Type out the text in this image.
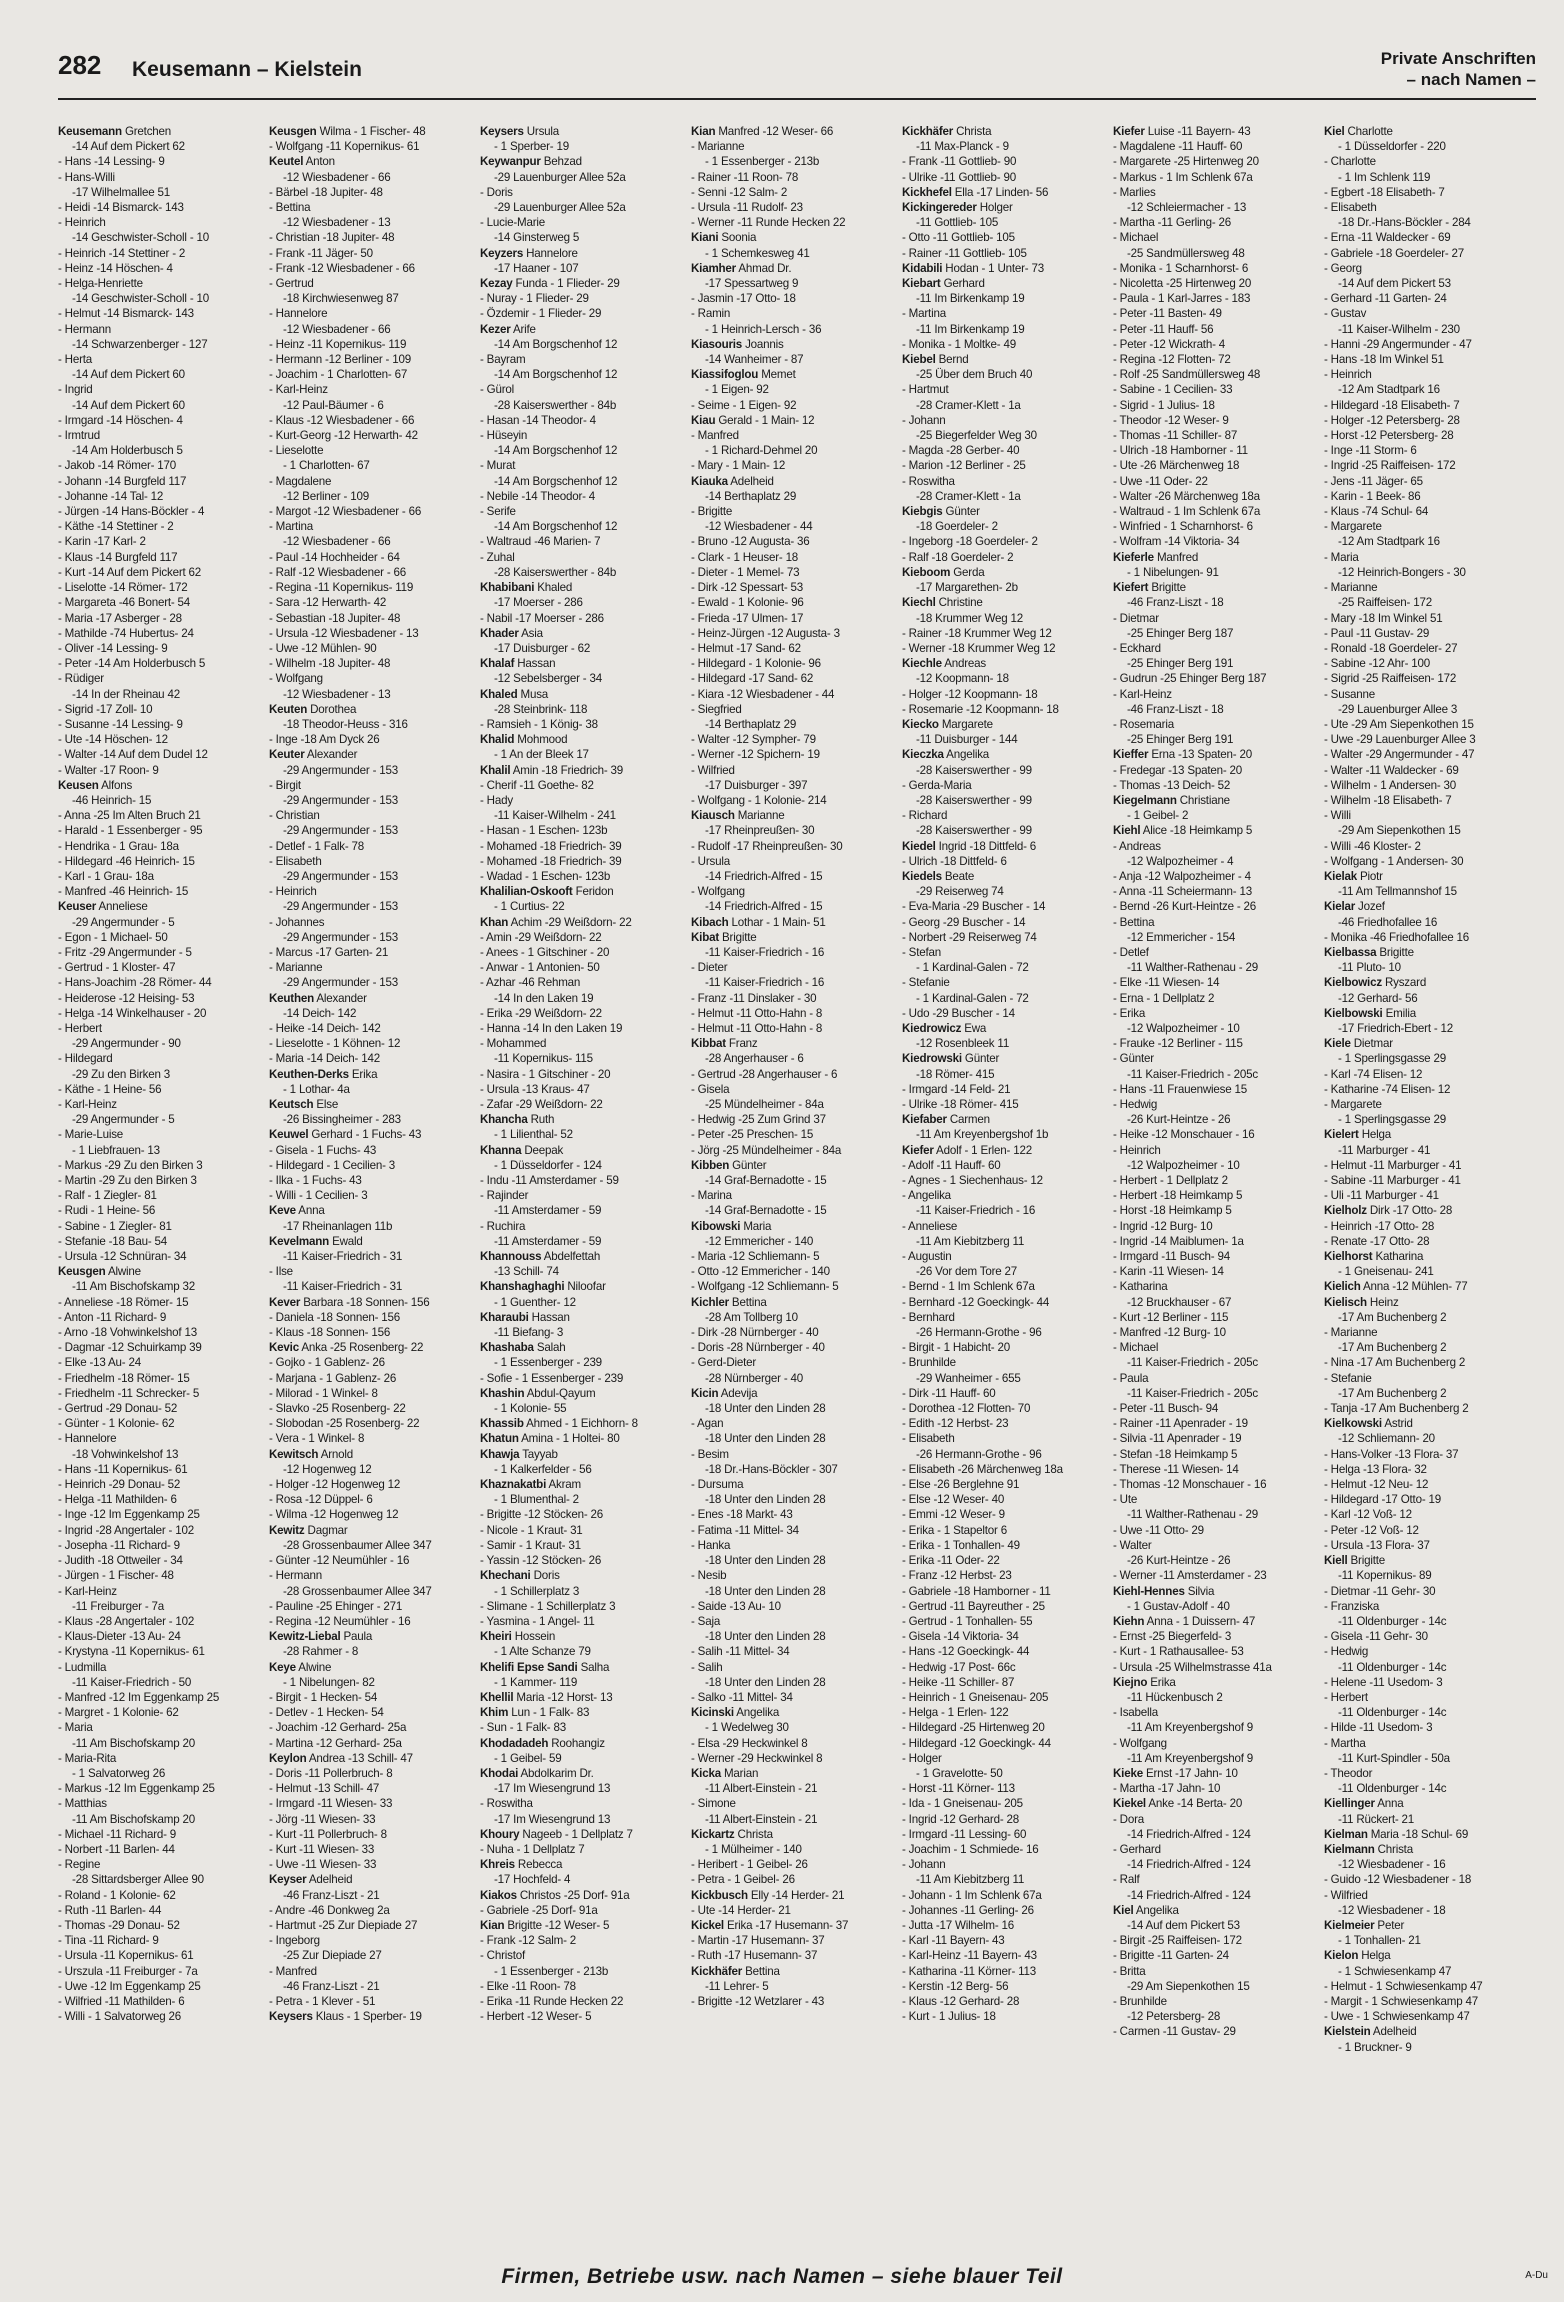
282 Keusemann – Kielstein	Private Anschriften
– nach Namen –
Keusemann Gretchen
-14 Auf dem Pickert 62
- Hans -14 Lessing- 9
- Hans-Willi
-17 Wilhelmallee 51
- Heidi -14 Bismarck- 143
- Heinrich
-14 Geschwister-Scholl - 10
- Heinrich -14 Stettiner - 2
- Heinz -14 Höschen- 4
- Helga-Henriette
-14 Geschwister-Scholl - 10
- Helmut -14 Bismarck- 143
- Hermann
-14 Schwarzenberger - 127
- Herta
-14 Auf dem Pickert 60
- Ingrid
-14 Auf dem Pickert 60
- Irmgard -14 Höschen- 4
- Irmtrud
-14 Am Holderbusch 5
- Jakob -14 Römer- 170
- Johann -14 Burgfeld 117
- Johanne -14 Tal- 12
- Jürgen -14 Hans-Böckler - 4
- Käthe -14 Stettiner - 2
- Karin -17 Karl- 2
- Klaus -14 Burgfeld 117
- Kurt -14 Auf dem Pickert 62
- Liselotte -14 Römer- 172
- Margareta -46 Bonert- 54
- Maria -17 Asberger - 28
- Mathilde -74 Hubertus- 24
- Oliver -14 Lessing- 9
- Peter -14 Am Holderbusch 5
- Rüdiger
-14 In der Rheinau 42
- Sigrid -17 Zoll- 10
- Susanne -14 Lessing- 9
- Ute -14 Höschen- 12
- Walter -14 Auf dem Dudel 12
- Walter -17 Roon- 9
Keusen Alfons
-46 Heinrich- 15
- Anna -25 Im Alten Bruch 21
- Harald - 1 Essenberger - 95
- Hendrika - 1 Grau- 18a
- Hildegard -46 Heinrich- 15
- Karl - 1 Grau- 18a
- Manfred -46 Heinrich- 15
Keuser Anneliese
-29 Angermunder - 5
- Egon - 1 Michael- 50
- Fritz -29 Angermunder - 5
- Gertrud - 1 Kloster- 47
- Hans-Joachim -28 Römer- 44
- Heiderose -12 Heising- 53
- Helga -14 Winkelhauser - 20
- Herbert
-29 Angermunder - 90
- Hildegard
-29 Zu den Birken 3
- Käthe - 1 Heine- 56
- Karl-Heinz
-29 Angermunder - 5
- Marie-Luise
- 1 Liebfrauen- 13
- Markus -29 Zu den Birken 3
- Martin -29 Zu den Birken 3
- Ralf - 1 Ziegler- 81
- Rudi - 1 Heine- 56
- Sabine - 1 Ziegler- 81
- Stefanie -18 Bau- 54
- Ursula -12 Schnüran- 34
Keusgen Alwine
-11 Am Bischofskamp 32
- Anneliese -18 Römer- 15
- Anton -11 Richard- 9
- Arno -18 Vohwinkelshof 13
- Dagmar -12 Schuirkamp 39
- Elke -13 Au- 24
- Friedhelm -18 Römer- 15
- Friedhelm -11 Schrecker- 5
- Gertrud -29 Donau- 52
- Günter - 1 Kolonie- 62
- Hannelore
-18 Vohwinkelshof 13
- Hans -11 Kopernikus- 61
- Heinrich -29 Donau- 52
- Helga -11 Mathilden- 6
- Inge -12 Im Eggenkamp 25
- Ingrid -28 Angertaler - 102
- Josepha -11 Richard- 9
- Judith -18 Ottweiler - 34
- Jürgen - 1 Fischer- 48
- Karl-Heinz
-11 Freiburger - 7a
- Klaus -28 Angertaler - 102
- Klaus-Dieter -13 Au- 24
- Krystyna -11 Kopernikus- 61
- Ludmilla
-11 Kaiser-Friedrich - 50
- Manfred -12 Im Eggenkamp 25
- Margret - 1 Kolonie- 62
- Maria
-11 Am Bischofskamp 20
- Maria-Rita
- 1 Salvatorweg 26
- Markus -12 Im Eggenkamp 25
- Matthias
-11 Am Bischofskamp 20
- Michael -11 Richard- 9
- Norbert -11 Barlen- 44
- Regine
-28 Sittardsberger Allee 90
- Roland - 1 Kolonie- 62
- Ruth -11 Barlen- 44
- Thomas -29 Donau- 52
- Tina -11 Richard- 9
- Ursula -11 Kopernikus- 61
- Urszula -11 Freiburger - 7a
- Uwe -12 Im Eggenkamp 25
- Wilfried -11 Mathilden- 6
- Willi - 1 Salvatorweg 26
Keusgen Wilma - 1 Fischer- 48
- Wolfgang -11 Kopernikus- 61
Keutel Anton
-12 Wiesbadener - 66
- Bärbel -18 Jupiter- 48
- Bettina
-12 Wiesbadener - 13
- Christian -18 Jupiter- 48
- Frank -11 Jäger- 50
- Frank -12 Wiesbadener - 66
- Gertrud
-18 Kirchwiesenweg 87
- Hannelore
-12 Wiesbadener - 66
- Heinz -11 Kopernikus- 119
- Hermann -12 Berliner - 109
- Joachim - 1 Charlotten- 67
- Karl-Heinz
-12 Paul-Bäumer - 6
- Klaus -12 Wiesbadener - 66
- Kurt-Georg -12 Herwarth- 42
- Lieselotte
- 1 Charlotten- 67
- Magdalene
-12 Berliner - 109
- Margot -12 Wiesbadener - 66
- Martina
-12 Wiesbadener - 66
- Paul -14 Hochheider - 64
- Ralf -12 Wiesbadener - 66
- Regina -11 Kopernikus- 119
- Sara -12 Herwarth- 42
- Sebastian -18 Jupiter- 48
- Ursula -12 Wiesbadener - 13
- Uwe -12 Mühlen- 90
- Wilhelm -18 Jupiter- 48
- Wolfgang
-12 Wiesbadener - 13
Keuten Dorothea
-18 Theodor-Heuss - 316
- Inge -18 Am Dyck 26
Keuter Alexander
-29 Angermunder - 153
- Birgit
-29 Angermunder - 153
- Christian
-29 Angermunder - 153
- Detlef - 1 Falk- 78
- Elisabeth
-29 Angermunder - 153
- Heinrich
-29 Angermunder - 153
- Johannes
-29 Angermunder - 153
- Marcus -17 Garten- 21
- Marianne
-29 Angermunder - 153
Keuthen Alexander
-14 Deich- 142
- Heike -14 Deich- 142
- Lieselotte - 1 Köhnen- 12
- Maria -14 Deich- 142
Keuthen-Derks Erika
- 1 Lothar- 4a
Keutsch Else
-26 Bissingheimer - 283
Keuwel Gerhard - 1 Fuchs- 43
- Gisela - 1 Fuchs- 43
- Hildegard - 1 Cecilien- 3
- Ilka - 1 Fuchs- 43
- Willi - 1 Cecilien- 3
Keve Anna
-17 Rheinanlagen 11b
Kevelmann Ewald
-11 Kaiser-Friedrich - 31
- Ilse
-11 Kaiser-Friedrich - 31
Kever Barbara -18 Sonnen- 156
- Daniela -18 Sonnen- 156
- Klaus -18 Sonnen- 156
Kevic Anka -25 Rosenberg- 22
- Gojko - 1 Gablenz- 26
- Marjana - 1 Gablenz- 26
- Milorad - 1 Winkel- 8
- Slavko -25 Rosenberg- 22
- Slobodan -25 Rosenberg- 22
- Vera - 1 Winkel- 8
Kewitsch Arnold
-12 Hogenweg 12
- Holger -12 Hogenweg 12
- Rosa -12 Düppel- 6
- Wilma -12 Hogenweg 12
Kewitz Dagmar
-28 Grossenbaumer Allee 347
- Günter -12 Neumühler - 16
- Hermann
-28 Grossenbaumer Allee 347
- Pauline -25 Ehinger - 271
- Regina -12 Neumühler - 16
Kewitz-Liebal Paula
-28 Rahmer - 8
Keye Alwine
- 1 Nibelungen- 82
- Birgit - 1 Hecken- 54
- Detlev - 1 Hecken- 54
- Joachim -12 Gerhard- 25a
- Martina -12 Gerhard- 25a
Keylon Andrea -13 Schill- 47
- Doris -11 Pollerbruch- 8
- Helmut -13 Schill- 47
- Irmgard -11 Wiesen- 33
- Jörg -11 Wiesen- 33
- Kurt -11 Pollerbruch- 8
- Kurt -11 Wiesen- 33
- Uwe -11 Wiesen- 33
Keyser Adelheid
-46 Franz-Liszt - 21
- Andre -46 Donkweg 2a
- Hartmut -25 Zur Diepiade 27
- Ingeborg
-25 Zur Diepiade 27
- Manfred
-46 Franz-Liszt - 21
- Petra - 1 Klever - 51
Keysers Klaus - 1 Sperber- 19
Keysers Ursula
- 1 Sperber- 19
Keywanpur Behzad
-29 Lauenburger Allee 52a
- Doris
-29 Lauenburger Allee 52a
- Lucie-Marie
-14 Ginsterweg 5
Keyzers Hannelore
-17 Haaner - 107
Kezay Funda - 1 Flieder- 29
- Nuray - 1 Flieder- 29
- Özdemir - 1 Flieder- 29
Kezer Arife
-14 Am Borgschenhof 12
- Bayram
-14 Am Borgschenhof 12
- Gürol
-28 Kaiserswerther - 84b
- Hasan -14 Theodor- 4
- Hüseyin
-14 Am Borgschenhof 12
- Murat
-14 Am Borgschenhof 12
- Nebile -14 Theodor- 4
- Serife
-14 Am Borgschenhof 12
- Waltraud -46 Marien- 7
- Zuhal
-28 Kaiserswerther - 84b
Khabibani Khaled
-17 Moerser - 286
- Nabil -17 Moerser - 286
Khader Asia
-17 Duisburger - 62
Khalaf Hassan
-12 Sebelsberger - 34
Khaled Musa
-28 Steinbrink- 118
- Ramsieh - 1 König- 38
Khalid Mohmood
- 1 An der Bleek 17
Khalil Amin -18 Friedrich- 39
- Cherif -11 Goethe- 82
- Hady
-11 Kaiser-Wilhelm - 241
- Hasan - 1 Eschen- 123b
- Mohamed -18 Friedrich- 39
- Mohamed -18 Friedrich- 39
- Wadad - 1 Eschen- 123b
Khalilian-Oskooft Feridon
- 1 Curtius- 22
Khan Achim -29 Weißdorn- 22
- Amin -29 Weißdorn- 22
- Anees - 1 Gitschiner - 20
- Anwar - 1 Antonien- 50
- Azhar -46 Rehman
-14 In den Laken 19
- Erika -29 Weißdorn- 22
- Hanna -14 In den Laken 19
- Mohammed
-11 Kopernikus- 115
- Nasira - 1 Gitschiner - 20
- Ursula -13 Kraus- 47
- Zafar -29 Weißdorn- 22
Khancha Ruth
- 1 Lilienthal- 52
Khanna Deepak
- 1 Düsseldorfer - 124
- Indu -11 Amsterdamer - 59
- Rajinder
-11 Amsterdamer - 59
- Ruchira
-11 Amsterdamer - 59
Khannouss Abdelfettah
-13 Schill- 74
Khanshaghaghi Niloofar
- 1 Guenther- 12
Kharaubi Hassan
-11 Biefang- 3
Khashaba Salah
- 1 Essenberger - 239
- Sofie - 1 Essenberger - 239
Khashin Abdul-Qayum
- 1 Kolonie- 55
Khassib Ahmed - 1 Eichhorn- 8
Khatun Amina - 1 Holtei- 80
Khawja Tayyab
- 1 Kalkerfelder - 56
Khaznakatbi Akram
- 1 Blumenthal- 2
- Brigitte -12 Stöcken- 26
- Nicole - 1 Kraut- 31
- Samir - 1 Kraut- 31
- Yassin -12 Stöcken- 26
Khechani Doris
- 1 Schillerplatz 3
- Slimane - 1 Schillerplatz 3
- Yasmina - 1 Angel- 11
Kheiri Hossein
- 1 Alte Schanze 79
Khelifi Epse Sandi Salha
- 1 Kammer- 119
Khellil Maria -12 Horst- 13
Khim Lun - 1 Falk- 83
- Sun - 1 Falk- 83
Khodadadeh Roohangiz
- 1 Geibel- 59
Khodai Abdolkarim Dr.
-17 Im Wiesengrund 13
- Roswitha
-17 Im Wiesengrund 13
Khoury Nageeb - 1 Dellplatz 7
- Nuha - 1 Dellplatz 7
Khreis Rebecca
-17 Hochfeld- 4
Kiakos Christos -25 Dorf- 91a
- Gabriele -25 Dorf- 91a
Kian Brigitte -12 Weser- 5
- Frank -12 Salm- 2
- Christof
- 1 Essenberger - 213b
- Elke -11 Roon- 78
- Erika -11 Runde Hecken 22
- Herbert -12 Weser- 5
Kian Manfred -12 Weser- 66
- Marianne
- 1 Essenberger - 213b
- Rainer -11 Roon- 78
- Senni -12 Salm- 2
- Ursula -11 Rudolf- 23
- Werner -11 Runde Hecken 22
Kiani Soonia
- 1 Schemkesweg 41
Kiamher Ahmad Dr.
-17 Spessartweg 9
- Jasmin -17 Otto- 18
- Ramin
- 1 Heinrich-Lersch - 36
Kiasouris Joannis
-14 Wanheimer - 87
Kiassifoglou Memet
- 1 Eigen- 92
- Seime - 1 Eigen- 92
Kiau Gerald - 1 Main- 12
- Manfred
- 1 Richard-Dehmel 20
- Mary - 1 Main- 12
Kiauka Adelheid
-14 Berthaplatz 29
- Brigitte
-12 Wiesbadener - 44
- Bruno -12 Augusta- 36
- Clark - 1 Heuser- 18
- Dieter - 1 Memel- 73
- Dirk -12 Spessart- 53
- Ewald - 1 Kolonie- 96
- Frieda -17 Ulmen- 17
- Heinz-Jürgen -12 Augusta- 3
- Helmut -17 Sand- 62
- Hildegard - 1 Kolonie- 96
- Hildegard -17 Sand- 62
- Kiara -12 Wiesbadener - 44
- Siegfried
-14 Berthaplatz 29
- Walter -12 Sympher- 79
- Werner -12 Spichern- 19
- Wilfried
-17 Duisburger - 397
- Wolfgang - 1 Kolonie- 214
Kiausch Marianne
-17 Rheinpreußen- 30
- Rudolf -17 Rheinpreußen- 30
- Ursula
-14 Friedrich-Alfred - 15
- Wolfgang
-14 Friedrich-Alfred - 15
Kibach Lothar - 1 Main- 51
Kibat Brigitte
-11 Kaiser-Friedrich - 16
- Dieter
-11 Kaiser-Friedrich - 16
- Franz -11 Dinslaker - 30
- Helmut -11 Otto-Hahn - 8
- Helmut -11 Otto-Hahn - 8
Kibbat Franz
-28 Angerhauser - 6
- Gertrud -28 Angerhauser - 6
- Gisela
-25 Mündelheimer - 84a
- Hedwig -25 Zum Grind 37
- Peter -25 Preschen- 15
- Jörg -25 Mündelheimer - 84a
Kibben Günter
-14 Graf-Bernadotte - 15
- Marina
-14 Graf-Bernadotte - 15
Kibowski Maria
-12 Emmericher - 140
- Maria -12 Schliemann- 5
- Otto -12 Emmericher - 140
- Wolfgang -12 Schliemann- 5
Kichler Bettina
-28 Am Tollberg 10
- Dirk -28 Nürnberger - 40
- Doris -28 Nürnberger - 40
- Gerd-Dieter
-28 Nürnberger - 40
Kicin Adevija
-18 Unter den Linden 28
- Agan
-18 Unter den Linden 28
- Besim
-18 Dr.-Hans-Böckler - 307
- Dursuma
-18 Unter den Linden 28
- Enes -18 Markt- 43
- Fatima -11 Mittel- 34
- Hanka
-18 Unter den Linden 28
- Nesib
-18 Unter den Linden 28
- Saide -13 Au- 10
- Saja
-18 Unter den Linden 28
- Salih -11 Mittel- 34
- Salih
-18 Unter den Linden 28
- Salko -11 Mittel- 34
Kicinski Angelika
- 1 Wedelweg 30
- Elsa -29 Heckwinkel 8
- Werner -29 Heckwinkel 8
Kicka Marian
-11 Albert-Einstein - 21
- Simone
-11 Albert-Einstein - 21
Kickartz Christa
- 1 Mülheimer - 140
- Heribert - 1 Geibel- 26
- Petra - 1 Geibel- 26
Kickbusch Elly -14 Herder- 21
- Ute -14 Herder- 21
Kickel Erika -17 Husemann- 37
- Martin -17 Husemann- 37
- Ruth -17 Husemann- 37
Kickhäfer Bettina
-11 Lehrer- 5
- Brigitte -12 Wetzlarer - 43
Kickhäfer Christa
-11 Max-Planck - 9
- Frank -11 Gottlieb- 90
- Ulrike -11 Gottlieb- 90
Kickhefel Ella -17 Linden- 56
Kickingereder Holger
-11 Gottlieb- 105
- Otto -11 Gottlieb- 105
- Rainer -11 Gottlieb- 105
Kidabili Hodan - 1 Unter- 73
Kiebart Gerhard
-11 Im Birkenkamp 19
- Martina
-11 Im Birkenkamp 19
- Monika - 1 Moltke- 49
Kiebel Bernd
-25 Über dem Bruch 40
- Hartmut
-28 Cramer-Klett - 1a
- Johann
-25 Biegerfelder Weg 30
- Magda -28 Gerber- 40
- Marion -12 Berliner - 25
- Roswitha
-28 Cramer-Klett - 1a
Kiebgis Günter
-18 Goerdeler- 2
- Ingeborg -18 Goerdeler- 2
- Ralf -18 Goerdeler- 2
Kieboom Gerda
-17 Margarethen- 2b
Kiechl Christine
-18 Krummer Weg 12
- Rainer -18 Krummer Weg 12
- Werner -18 Krummer Weg 12
Kiechle Andreas
-12 Koopmann- 18
- Holger -12 Koopmann- 18
- Rosemarie -12 Koopmann- 18
Kiecko Margarete
-11 Duisburger - 144
Kieczka Angelika
-28 Kaiserswerther - 99
- Gerda-Maria
-28 Kaiserswerther - 99
- Richard
-28 Kaiserswerther - 99
Kiedel Ingrid -18 Dittfeld- 6
- Ulrich -18 Dittfeld- 6
Kiedels Beate
-29 Reiserweg 74
- Eva-Maria -29 Buscher - 14
- Georg -29 Buscher - 14
- Norbert -29 Reiserweg 74
- Stefan
- 1 Kardinal-Galen - 72
- Stefanie
- 1 Kardinal-Galen - 72
- Udo -29 Buscher - 14
Kiedrowicz Ewa
-12 Rosenbleek 11
Kiedrowski Günter
-18 Römer- 415
- Irmgard -14 Feld- 21
- Ulrike -18 Römer- 415
Kiefaber Carmen
-11 Am Kreyenbergshof 1b
Kiefer Adolf - 1 Erlen- 122
- Adolf -11 Hauff- 60
- Agnes - 1 Siechenhaus- 12
- Angelika
-11 Kaiser-Friedrich - 16
- Anneliese
-11 Am Kiebitzberg 11
- Augustin
-26 Vor dem Tore 27
- Bernd - 1 Im Schlenk 67a
- Bernhard -12 Goeckingk- 44
- Bernhard
-26 Hermann-Grothe - 96
- Birgit - 1 Habicht- 20
- Brunhilde
-29 Wanheimer - 655
- Dirk -11 Hauff- 60
- Dorothea -12 Flotten- 70
- Edith -12 Herbst- 23
- Elisabeth
-26 Hermann-Grothe - 96
- Elisabeth -26 Märchenweg 18a
- Else -26 Berglehne 91
- Else -12 Weser- 40
- Emmi -12 Weser- 9
- Erika - 1 Stapeltor 6
- Erika - 1 Tonhallen- 49
- Erika -11 Oder- 22
- Franz -12 Herbst- 23
- Gabriele -18 Hamborner - 11
- Gertrud -11 Bayreuther - 25
- Gertrud - 1 Tonhallen- 55
- Gisela -14 Viktoria- 34
- Hans -12 Goeckingk- 44
- Hedwig -17 Post- 66c
- Heike -11 Schiller- 87
- Heinrich - 1 Gneisenau- 205
- Helga - 1 Erlen- 122
- Hildegard -25 Hirtenweg 20
- Hildegard -12 Goeckingk- 44
- Holger
- 1 Gravelotte- 50
- Horst -11 Körner- 113
- Ida - 1 Gneisenau- 205
- Ingrid -12 Gerhard- 28
- Irmgard -11 Lessing- 60
- Joachim - 1 Schmiede- 16
- Johann
-11 Am Kiebitzberg 11
- Johann - 1 Im Schlenk 67a
- Johannes -11 Gerling- 26
- Jutta -17 Wilhelm- 16
- Karl -11 Bayern- 43
- Karl-Heinz -11 Bayern- 43
- Katharina -11 Körner- 113
- Kerstin -12 Berg- 56
- Klaus -12 Gerhard- 28
- Kurt - 1 Julius- 18
Kiefer Luise -11 Bayern- 43
- Magdalene -11 Hauff- 60
- Margarete -25 Hirtenweg 20
- Markus - 1 Im Schlenk 67a
- Marlies
-12 Schleiermacher - 13
- Martha -11 Gerling- 26
- Michael
-25 Sandmüllersweg 48
- Monika - 1 Scharnhorst- 6
- Nicoletta -25 Hirtenweg 20
- Paula - 1 Karl-Jarres - 183
- Peter -11 Basten- 49
- Peter -11 Hauff- 56
- Peter -12 Wickrath- 4
- Regina -12 Flotten- 72
- Rolf -25 Sandmüllersweg 48
- Sabine - 1 Cecilien- 33
- Sigrid - 1 Julius- 18
- Theodor -12 Weser- 9
- Thomas -11 Schiller- 87
- Ulrich -18 Hamborner - 11
- Ute -26 Märchenweg 18
- Uwe -11 Oder- 22
- Walter -26 Märchenweg 18a
- Waltraud - 1 Im Schlenk 67a
- Winfried - 1 Scharnhorst- 6
- Wolfram -14 Viktoria- 34
Kieferle Manfred
- 1 Nibelungen- 91
Kiefert Brigitte
-46 Franz-Liszt - 18
- Dietmar
-25 Ehinger Berg 187
- Eckhard
-25 Ehinger Berg 191
- Gudrun -25 Ehinger Berg 187
- Karl-Heinz
-46 Franz-Liszt - 18
- Rosemaria
-25 Ehinger Berg 191
Kieffer Erna -13 Spaten- 20
- Fredegar -13 Spaten- 20
- Thomas -13 Deich- 52
Kiegelmann Christiane
- 1 Geibel- 2
Kiehl Alice -18 Heimkamp 5
- Andreas
-12 Walpozheimer - 4
- Anja -12 Walpozheimer - 4
- Anna -11 Scheiermann- 13
- Bernd -26 Kurt-Heintze - 26
- Bettina
-12 Emmericher - 154
- Detlef
-11 Walther-Rathenau - 29
- Elke -11 Wiesen- 14
- Erna - 1 Dellplatz 2
- Erika
-12 Walpozheimer - 10
- Frauke -12 Berliner - 115
- Günter
-11 Kaiser-Friedrich - 205c
- Hans -11 Frauenwiese 15
- Hedwig
-26 Kurt-Heintze - 26
- Heike -12 Monschauer - 16
- Heinrich
-12 Walpozheimer - 10
- Herbert - 1 Dellplatz 2
- Herbert -18 Heimkamp 5
- Horst -18 Heimkamp 5
- Ingrid -12 Burg- 10
- Ingrid -14 Maiblumen- 1a
- Irmgard -11 Busch- 94
- Karin -11 Wiesen- 14
- Katharina
-12 Bruckhauser - 67
- Kurt -12 Berliner - 115
- Manfred -12 Burg- 10
- Michael
-11 Kaiser-Friedrich - 205c
- Paula
-11 Kaiser-Friedrich - 205c
- Peter -11 Busch- 94
- Rainer -11 Apenrader - 19
- Silvia -11 Apenrader - 19
- Stefan -18 Heimkamp 5
- Therese -11 Wiesen- 14
- Thomas -12 Monschauer - 16
- Ute
-11 Walther-Rathenau - 29
- Uwe -11 Otto- 29
- Walter
-26 Kurt-Heintze - 26
- Werner -11 Amsterdamer - 23
Kiehl-Hennes Silvia
- 1 Gustav-Adolf - 40
Kiehn Anna - 1 Duissern- 47
- Ernst -25 Biegerfeld- 3
- Kurt - 1 Rathausallee- 53
- Ursula -25 Wilhelmstrasse 41a
Kiejno Erika
-11 Hückenbusch 2
- Isabella
-11 Am Kreyenbergshof 9
- Wolfgang
-11 Am Kreyenbergshof 9
Kieke Ernst -17 Jahn- 10
- Martha -17 Jahn- 10
Kiekel Anke -14 Berta- 20
- Dora
-14 Friedrich-Alfred - 124
- Gerhard
-14 Friedrich-Alfred - 124
- Ralf
-14 Friedrich-Alfred - 124
Kiel Angelika
-14 Auf dem Pickert 53
- Birgit -25 Raiffeisen- 172
- Brigitte -11 Garten- 24
- Britta
-29 Am Siepenkothen 15
- Brunhilde
-12 Petersberg- 28
- Carmen -11 Gustav- 29
Kiel Charlotte
- 1 Düsseldorfer - 220
- Charlotte
- 1 Im Schlenk 119
- Egbert -18 Elisabeth- 7
- Elisabeth
-18 Dr.-Hans-Böckler - 284
- Erna -11 Waldecker - 69
- Gabriele -18 Goerdeler- 27
- Georg
-14 Auf dem Pickert 53
- Gerhard -11 Garten- 24
- Gustav
-11 Kaiser-Wilhelm - 230
- Hanni -29 Angermunder - 47
- Hans -18 Im Winkel 51
- Heinrich
-12 Am Stadtpark 16
- Hildegard -18 Elisabeth- 7
- Holger -12 Petersberg- 28
- Horst -12 Petersberg- 28
- Inge -11 Storm- 6
- Ingrid -25 Raiffeisen- 172
- Jens -11 Jäger- 65
- Karin - 1 Beek- 86
- Klaus -74 Schul- 64
- Margarete
-12 Am Stadtpark 16
- Maria
-12 Heinrich-Bongers - 30
- Marianne
-25 Raiffeisen- 172
- Mary -18 Im Winkel 51
- Paul -11 Gustav- 29
- Ronald -18 Goerdeler- 27
- Sabine -12 Ahr- 100
- Sigrid -25 Raiffeisen- 172
- Susanne
-29 Lauenburger Allee 3
- Ute -29 Am Siepenkothen 15
- Uwe -29 Lauenburger Allee 3
- Walter -29 Angermunder - 47
- Walter -11 Waldecker - 69
- Wilhelm - 1 Andersen- 30
- Wilhelm -18 Elisabeth- 7
- Willi
-29 Am Siepenkothen 15
- Willi -46 Kloster- 2
- Wolfgang - 1 Andersen- 30
Kielak Piotr
-11 Am Tellmannshof 15
Kielar Jozef
-46 Friedhofallee 16
- Monika -46 Friedhofallee 16
Kielbassa Brigitte
-11 Pluto- 10
Kielbowicz Ryszard
-12 Gerhard- 56
Kielbowski Emilia
-17 Friedrich-Ebert - 12
Kiele Dietmar
- 1 Sperlingsgasse 29
- Karl -74 Elisen- 12
- Katharine -74 Elisen- 12
- Margarete
- 1 Sperlingsgasse 29
Kielert Helga
-11 Marburger - 41
- Helmut -11 Marburger - 41
- Sabine -11 Marburger - 41
- Uli -11 Marburger - 41
Kielholz Dirk -17 Otto- 28
- Heinrich -17 Otto- 28
- Renate -17 Otto- 28
Kielhorst Katharina
- 1 Gneisenau- 241
Kielich Anna -12 Mühlen- 77
Kielisch Heinz
-17 Am Buchenberg 2
- Marianne
-17 Am Buchenberg 2
- Nina -17 Am Buchenberg 2
- Stefanie
-17 Am Buchenberg 2
- Tanja -17 Am Buchenberg 2
Kielkowski Astrid
-12 Schliemann- 20
- Hans-Volker -13 Flora- 37
- Helga -13 Flora- 32
- Helmut -12 Neu- 12
- Hildegard -17 Otto- 19
- Karl -12 Voß- 12
- Peter -12 Voß- 12
- Ursula -13 Flora- 37
Kiell Brigitte
-11 Kopernikus- 89
- Dietmar -11 Gehr- 30
- Franziska
-11 Oldenburger - 14c
- Gisela -11 Gehr- 30
- Hedwig
-11 Oldenburger - 14c
- Helene -11 Usedom- 3
- Herbert
-11 Oldenburger - 14c
- Hilde -11 Usedom- 3
- Martha
-11 Kurt-Spindler - 50a
- Theodor
-11 Oldenburger - 14c
Kiellinger Anna
-11 Rückert- 21
Kielman Maria -18 Schul- 69
Kielmann Christa
-12 Wiesbadener - 16
- Guido -12 Wiesbadener - 18
- Wilfried
-12 Wiesbadener - 18
Kielmeier Peter
- 1 Tonhallen- 21
Kielon Helga
- 1 Schwiesenkamp 47
- Helmut - 1 Schwiesenkamp 47
- Margit - 1 Schwiesenkamp 47
- Uwe - 1 Schwiesenkamp 47
Kielstein Adelheid
- 1 Bruckner- 9
Firmen, Betriebe usw. nach Namen – siehe blauer Teil	A-Du
